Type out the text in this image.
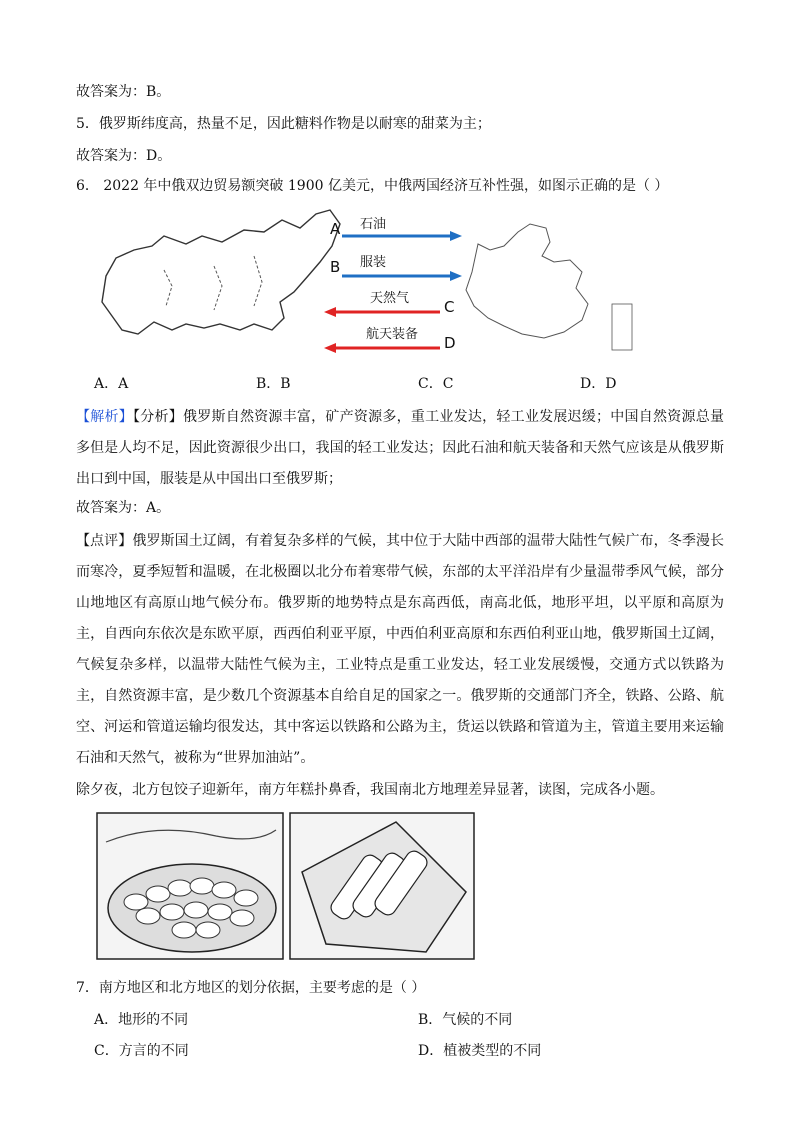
故答案为：B。
5．俄罗斯纬度高，热量不足，因此糖料作物是以耐寒的甜菜为主；
故答案为：D。
6． 2022 年中俄双边贸易额突破 1900 亿美元，中俄两国经济互补性强，如图示正确的是（ ）
A 石油
B 服装
天然气 C
航天装备 D
A．A	B．B	C．C	D．D
【解析】【分析】俄罗斯自然资源丰富，矿产资源多，重工业发达，轻工业发展迟缓；中国自然资源总量多但是人均不足，因此资源很少出口，我国的轻工业发达；因此石油和航天装备和天然气应该是从俄罗斯出口到中国，服装是从中国出口至俄罗斯；
故答案为：A。
【点评】俄罗斯国土辽阔，有着复杂多样的气候，其中位于大陆中西部的温带大陆性气候广布，冬季漫长而寒冷，夏季短暂和温暖，在北极圈以北分布着寒带气候，东部的太平洋沿岸有少量温带季风气候，部分山地地区有高原山地气候分布。俄罗斯的地势特点是东高西低，南高北低，地形平坦，以平原和高原为主，自西向东依次是东欧平原，西西伯利亚平原，中西伯利亚高原和东西伯利亚山地，俄罗斯国土辽阔，气候复杂多样，以温带大陆性气候为主，工业特点是重工业发达，轻工业发展缓慢，交通方式以铁路为主，自然资源丰富，是少数几个资源基本自给自足的国家之一。俄罗斯的交通部门齐全，铁路、公路、航空、河运和管道运输均很发达，其中客运以铁路和公路为主，货运以铁路和管道为主，管道主要用来运输石油和天然气，被称为“世界加油站”。
除夕夜，北方包饺子迎新年，南方年糕扑鼻香，我国南北方地理差异显著，读图，完成各小题。
7．南方地区和北方地区的划分依据，主要考虑的是（ ）
A．地形的不同	B．气候的不同
C．方言的不同	D．植被类型的不同
